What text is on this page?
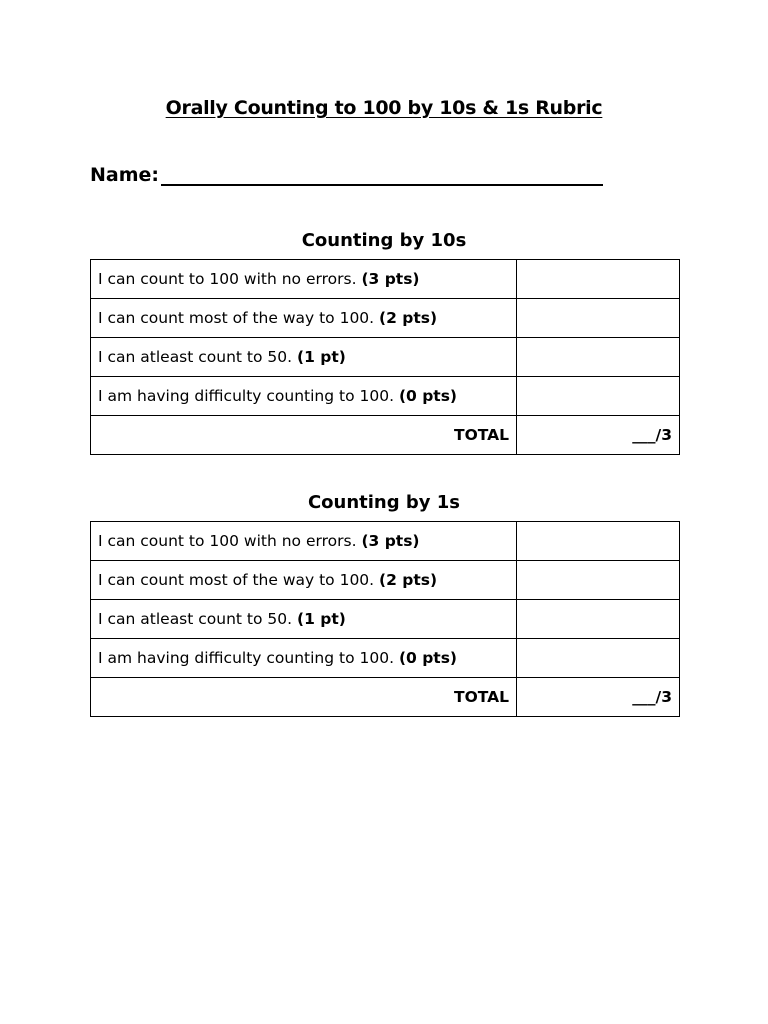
Orally Counting to 100 by 10s & 1s Rubric
Name:
Counting by 10s
I can count to 100 with no errors. (3 pts)	
I can count most of the way to 100. (2 pts)	
I can atleast count to 50. (1 pt)	
I am having difficulty counting to 100. (0 pts)	
TOTAL	___/3
Counting by 1s
I can count to 100 with no errors. (3 pts)	
I can count most of the way to 100. (2 pts)	
I can atleast count to 50. (1 pt)	
I am having difficulty counting to 100. (0 pts)	
TOTAL	___/3
